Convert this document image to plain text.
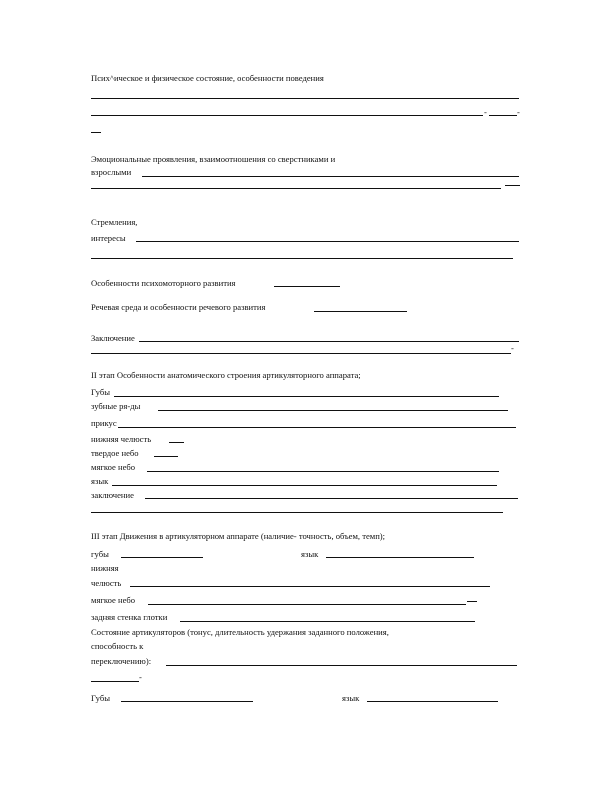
Псих^ическое и физическое состояние, особенности поведения
-	-
Эмоциональные проявления, взаимоотношения со сверстниками и
взрослыми
Стремления,
интересы
Особенности психомоторного развития
Речевая среда и особенности речевого развития
Заключение
-
II этап Особенности анатомического строения артикуляторного аппарата;
Губы
зубные ря-ды
прикус
нижняя челюсть
твердое небо
мягкое небо
язык
заключение
III этап Движения в артикуляторном аппарате (наличие- точность, объем, темп);
губы	язык
нижняя
челюсть
мягкое небо
задняя стенка глотки
Состояние артикуляторов (тонус, длительность удержания заданного положения,
способность к
переключению):
-
Губы	язык
